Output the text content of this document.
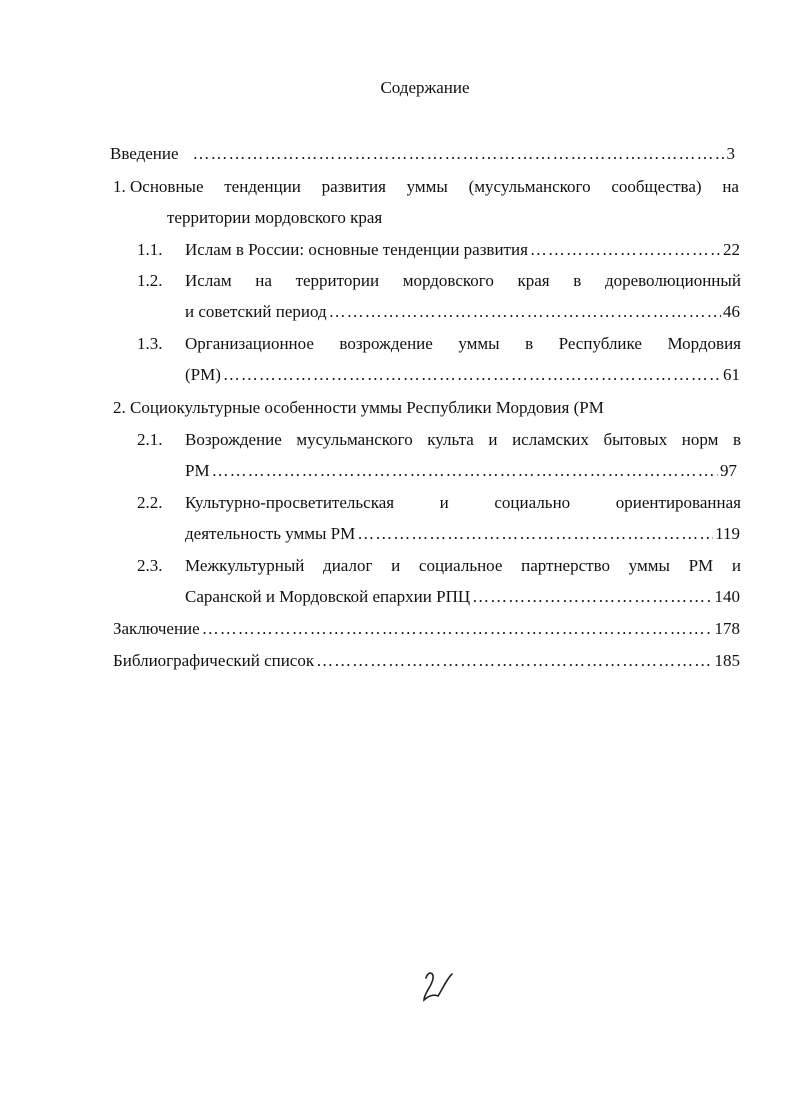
Содержание
Введение ……………………………………………………………………………………………………………………………………………………………………………	3
1. Основные тенденции развития уммы (мусульманского сообщества) на
территории мордовского края
1.1. Ислам в России: основные тенденции развития ……………………………………………………………………………………………………………………………………………………………………………	22
1.2. Ислам на территории мордовского края в дореволюционный
и советский период ……………………………………………………………………………………………………………………………………………………………………………	46
1.3. Организационное возрождение уммы в Республике Мордовия
(РМ) ……………………………………………………………………………………………………………………………………………………………………………	61
2. Социокультурные особенности уммы Республики Мордовия (РМ
2.1. Возрождение мусульманского культа и исламских бытовых норм в
РМ ……………………………………………………………………………………………………………………………………………………………………………	97
2.2. Культурно-просветительская	и	социально	ориентированная
деятельность уммы РМ ……………………………………………………………………………………………………………………………………………………………………………	119
2.3. Межкультурный диалог и социальное партнерство уммы РМ и
Саранской и Мордовской епархии РПЦ ……………………………………………………………………………………………………………………………………………………………………………	140
Заключение ……………………………………………………………………………………………………………………………………………………………………………	178
Библиографический список ……………………………………………………………………………………………………………………………………………………………………………	185
